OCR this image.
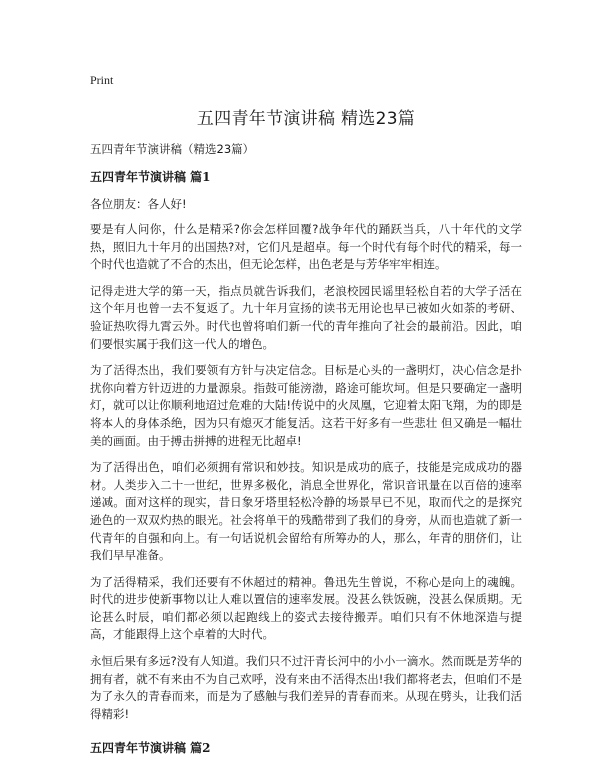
Print
五四青年节演讲稿 精选23篇
五四青年节演讲稿（精选23篇）
五四青年节演讲稿 篇1
各位朋友：各人好!

要是有人问你，什么是精采?你会怎样回覆?战争年代的踊跃当兵，八十年代的文学热，照旧九十年月的出国热?对，它们凡是超卓。每一个时代有每个时代的精采，每一个时代也造就了不合的杰出，但无论怎样，出色老是与芳华牢牢相连。

记得走进大学的第一天，指点员就告诉我们，老浪校园民谣里轻松自若的大学子活在这个年月也曾一去不复返了。九十年月宣扬的读书无用论也早已被如火如荼的考研、验证热吹得九霄云外。时代也曾将咱们新一代的青年推向了社会的最前沿。因此，咱们要恨实属于我们这一代人的增色。

为了活得杰出，我们要领有方针与决定信念。目标是心头的一盏明灯，决心信念是扑扰你向着方针迈进的力量源泉。指鼓可能滂渤，路途可能坎坷。但是只要确定一盏明灯，就可以让你顺利地迢过危难的大陆!传说中的火凤凰，它迎着太阳飞翔，为的即是将本人的身体杀绝，因为只有熄灭才能复活。这若干好多有一些悲壮 但又确是一幅壮美的画面。由于搏击拼搏的进程无比超卓!

为了活得出色，咱们必须拥有常识和妙技。知识是成功的底子，技能是完成成功的器材。人类步入二十一世纪，世界多极化，消息全世界化，常识音讯量在以百倍的速率递减。面对这样的现实，昔日象牙塔里轻松冷静的场景早已不见，取而代之的是探究逊色的一双双灼热的眼光。社会将单干的残酷带到了我们的身旁，从而也造就了新一代青年的自强和向上。有一句话说机会留给有所筹办的人，那么，年青的朋侪们，让我们早早准备。

为了活得精采，我们还要有不休超过的精神。鲁迅先生曾说，不称心是向上的魂魄。时代的进步使新事物以让人难以置信的速率发展。没甚么铁饭碗，没甚么保质期。无论甚么时辰，咱们都必须以起跑线上的姿式去接待搬弄。咱们只有不休地深造与提高，才能跟得上这个卓着的大时代。

永恒后果有多远?没有人知道。我们只不过汗青长河中的小小一滴水。然而既是芳华的拥有者，就不有来由不为自己欢呼，没有来由不活得杰出!我们都将老去，但咱们不是为了永久的青春而来，而是为了感触与我们差异的青春而来。从现在劈头，让我们活得精彩!

五四青年节演讲稿 篇2
